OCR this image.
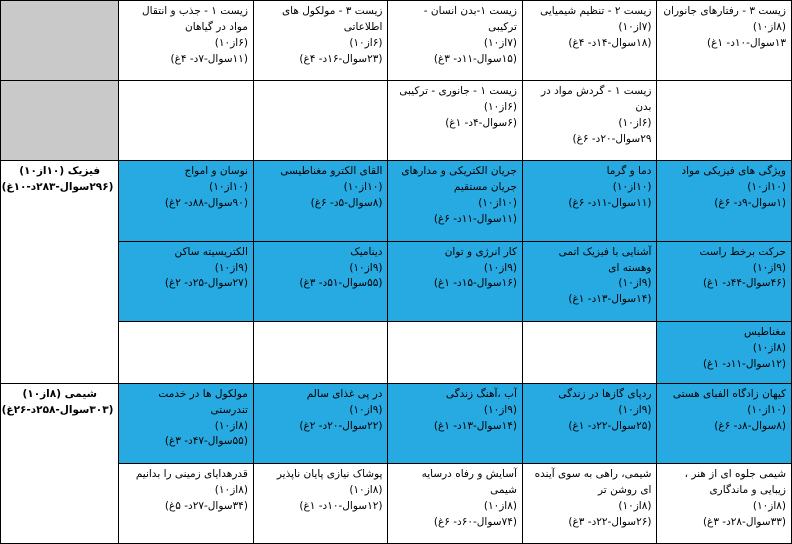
زیست ۳ - رفتارهای جانوران
(۸از۱۰)
۱۳سوال-۱۰د- ۱غ)	زیست ۲ - تنظیم شیمیایی
(۷از۱۰)
(۱۸سوال-۱۴د- ۴غ)	زیست ۱-بدن انسان - ترکیبی
(۷از۱۰)
(۱۵سوال-۱۱د- ۳غ)	زیست ۳ - مولکول های اطلاعاتی
(۶از۱۰)
(۲۳سوال-۱۶د- ۴غ)	زیست ۱ - جذب و انتقال مواد در گیاهان
(۶از۱۰)
(۱۱سوال-۷د- ۴غ)	

	زیست ۱ - گردش مواد در بدن
(۶از۱۰)
۲۹سوال-۲۰د- ۶غ)	زیست ۱ - جانوری - ترکیبی
(۶از۱۰)
(۶سوال-۴د- ۱غ)			

ویژگی های فیزیکی مواد
(۱۰از۱۰)
(۱سوال-۹د- ۶غ)	دما و گرما
(۱۰از۱۰)
(۱۱سوال-۱۱د- ۶غ)	جریان الکتریکی و مدارهای جریان مستقیم
(۱۰از۱۰)
(۱۱سوال-۱۱د- ۶غ)	القای الکترو مغناطیسی
(۱۰از۱۰)
(۸سوال-۵د- ۶غ)	نوسان و امواج
(۱۰از۱۰)
(۹۰سوال-۸۸د- ۲غ)	فیزیک (۱۰از۱۰)
(۲۹۶سوال-۲۸۳د-۱۰غ)

حرکت برخط راست
(۹از۱۰)
(۴۶سوال-۴۴د- ۱غ)	آشنایی با فیزیک اتمی وهسته ای
(۹از۱۰)
(۱۴سوال-۱۳د- ۱غ)	کار انرژی و توان
(۹از۱۰)
(۱۶سوال-۱۵د- ۱غ)	دینامیک
(۹از۱۰)
(۵۵سوال-۵۱د- ۳غ)	الکتریسیته ساکن
(۹از۱۰)
(۲۷سوال-۲۵د- ۲غ)	

مغناطیس
(۸از۱۰)
(۱۲سوال-۱۱د- ۱غ)					

کیهان زادگاه الفبای هستی
(۱۰از۱۰)
(۸سوال-۸د- ۶غ)	ردپای گازها در زندگی
(۹از۱۰)
(۲۵سوال-۲۲د- ۱غ)	آب ،آهنگ زندگی
(۹از۱۰)
(۱۴سوال-۱۳د- ۱غ)	در پی غذای سالم
(۹از۱۰)
(۲۲سوال-۲۰د- ۲غ)	مولکول ها در خدمت تندرستی
(۸از۱۰)
(۵۵سوال-۴۷د- ۳غ)	شیمی (۸از۱۰)
(۳۰۳سوال-۲۵۸د-۲۶غ)

شیمی جلوه ای از هنر ، زیبایی و ماندگاری
(۸از۱۰)
(۳۳سوال-۲۸د- ۳غ)	شیمی، راهی به سوی آینده ای روشن تر
(۸از۱۰)
(۲۶سوال-۲۲د- ۳غ)	آسایش و رفاه درسایه شیمی
(۸از۱۰)
(۷۴سوال-۶۰د- ۶غ)	پوشاک نیازی پایان ناپذیر
(۸از۱۰)
(۱۲سوال-۱۰د- ۱غ)	قدرهدایای زمینی را بدانیم
(۸از۱۰)
(۳۴سوال-۲۷د- ۵غ)	
